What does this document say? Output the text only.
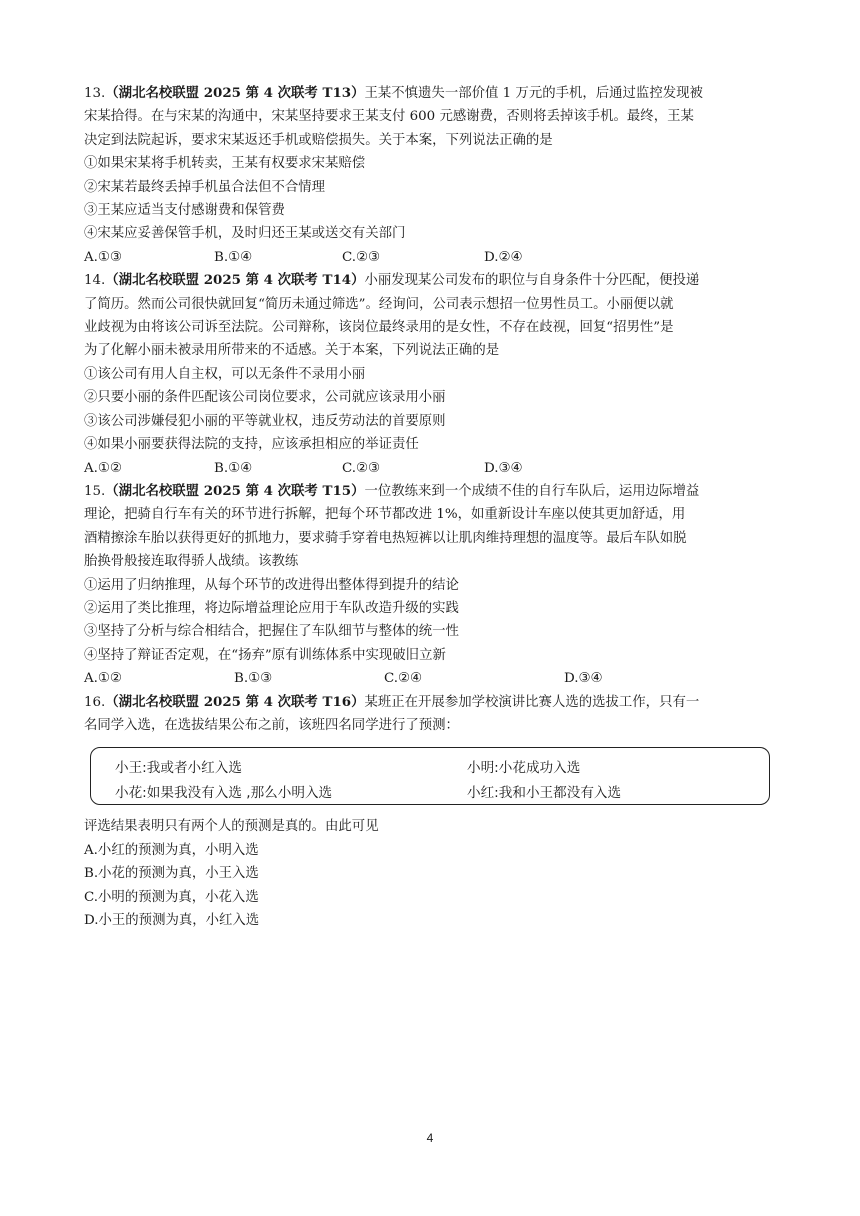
13.（湖北名校联盟 2025 第 4 次联考 T13）王某不慎遗失一部价值 1 万元的手机，后通过监控发现被
宋某拾得。在与宋某的沟通中，宋某坚持要求王某支付 600 元感谢费，否则将丢掉该手机。最终，王某
决定到法院起诉，要求宋某返还手机或赔偿损失。关于本案，下列说法正确的是
①如果宋某将手机转卖，王某有权要求宋某赔偿
②宋某若最终丢掉手机虽合法但不合情理
③王某应适当支付感谢费和保管费
④宋某应妥善保管手机，及时归还王某或送交有关部门
A.①③	B.①④	C.②③	D.②④
14.（湖北名校联盟 2025 第 4 次联考 T14）小丽发现某公司发布的职位与自身条件十分匹配，便投递
了简历。然而公司很快就回复“简历未通过筛选”。经询问，公司表示想招一位男性员工。小丽便以就
业歧视为由将该公司诉至法院。公司辩称，该岗位最终录用的是女性，不存在歧视，回复“招男性”是
为了化解小丽未被录用所带来的不适感。关于本案，下列说法正确的是
①该公司有用人自主权，可以无条件不录用小丽
②只要小丽的条件匹配该公司岗位要求，公司就应该录用小丽
③该公司涉嫌侵犯小丽的平等就业权，违反劳动法的首要原则
④如果小丽要获得法院的支持，应该承担相应的举证责任
A.①②	B.①④	C.②③	D.③④
15.（湖北名校联盟 2025 第 4 次联考 T15）一位教练来到一个成绩不佳的自行车队后，运用边际增益
理论，把骑自行车有关的环节进行拆解，把每个环节都改进 1%，如重新设计车座以使其更加舒适，用
酒精擦涂车胎以获得更好的抓地力，要求骑手穿着电热短裤以让肌肉维持理想的温度等。最后车队如脱
胎换骨般接连取得骄人战绩。该教练
①运用了归纳推理，从每个环节的改进得出整体得到提升的结论
②运用了类比推理，将边际增益理论应用于车队改造升级的实践
③坚持了分析与综合相结合，把握住了车队细节与整体的统一性
④坚持了辩证否定观，在“扬弃”原有训练体系中实现破旧立新
A.①②	B.①③	C.②④	D.③④
16.（湖北名校联盟 2025 第 4 次联考 T16）某班正在开展参加学校演讲比赛人选的选拔工作，只有一
名同学入选，在选拔结果公布之前，该班四名同学进行了预测：
小王:我或者小红入选	小明:小花成功入选
小花:如果我没有入选 ,那么小明入选	小红:我和小王都没有入选
评选结果表明只有两个人的预测是真的。由此可见
A.小红的预测为真，小明入选
B.小花的预测为真，小王入选
C.小明的预测为真，小花入选
D.小王的预测为真，小红入选
4
